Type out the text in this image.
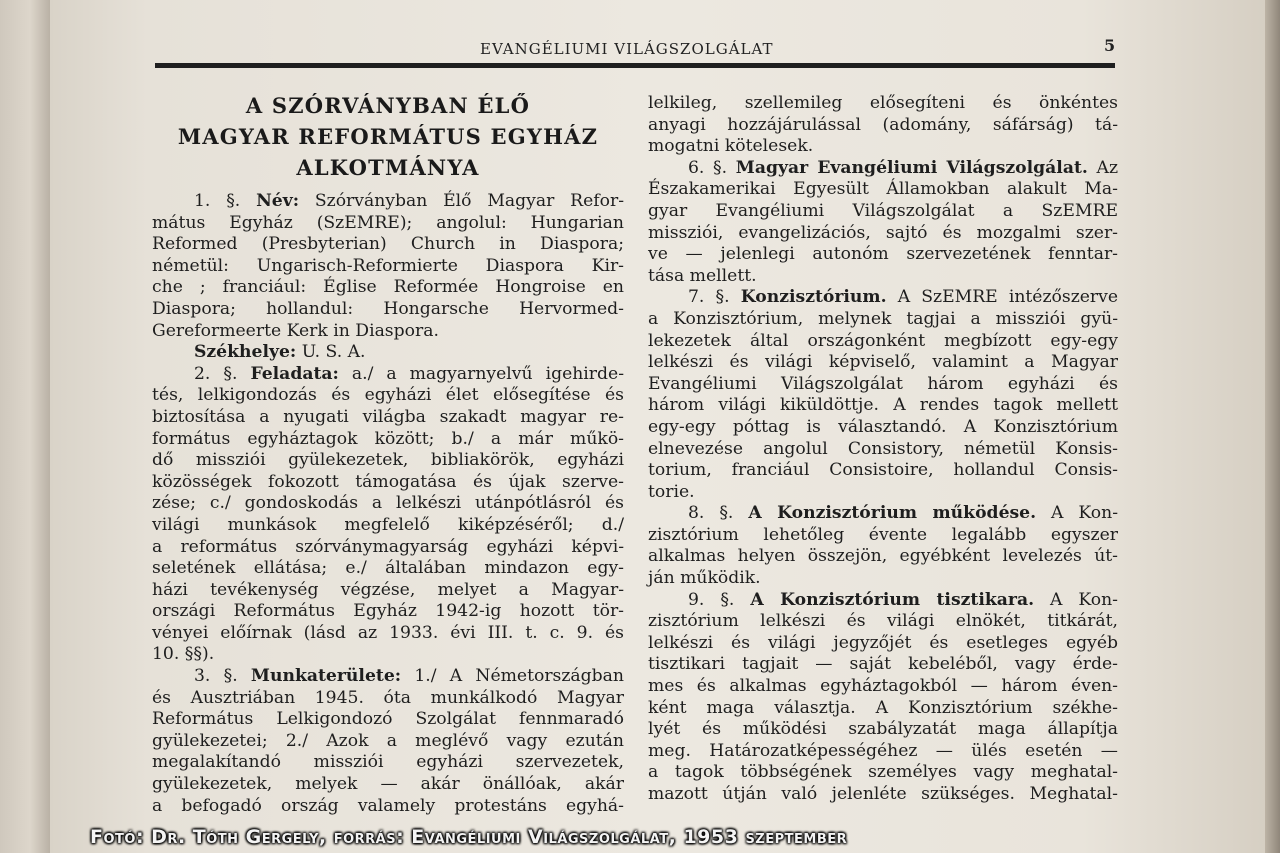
EVANGÉLIUMI VILÁGSZOLGÁLAT	5
A SZÓRVÁNYBAN ÉLŐ
MAGYAR REFORMÁTUS EGYHÁZ
ALKOTMÁNYA
1. §. Név: Szórványban Élő Magyar Refor-
mátus Egyház (SzEMRE); angolul: Hungarian
Reformed (Presbyterian) Church in Diaspora;
németül: Ungarisch-Reformierte Diaspora Kir-
che ; franciául: Église Reformée Hongroise en
Diaspora; hollandul: Hongarsche Hervormed-
Gereformeerte Kerk in Diaspora.
Székhelye: U. S. A.
2. §. Feladata: a./ a magyarnyelvű igehirde-
tés, lelkigondozás és egyházi élet elősegítése és
biztosítása a nyugati világba szakadt magyar re-
formátus egyháztagok között; b./ a már műkö-
dő missziói gyülekezetek, bibliakörök, egyházi
közösségek fokozott támogatása és újak szerve-
zése; c./ gondoskodás a lelkészi utánpótlásról és
világi munkások megfelelő kiképzéséről; d./
a református szórványmagyarság egyházi képvi-
seletének ellátása; e./ általában mindazon egy-
házi tevékenység végzése, melyet a Magyar-
országi Református Egyház 1942-ig hozott tör-
vényei előírnak (lásd az 1933. évi III. t. c. 9. és
10. §§).
3. §. Munkaterülete: 1./ A Németországban
és Ausztriában 1945. óta munkálkodó Magyar
Református Lelkigondozó Szolgálat fennmaradó
gyülekezetei; 2./ Azok a meglévő vagy ezután
megalakítandó missziói egyházi szervezetek,
gyülekezetek, melyek — akár önállóak, akár
a befogadó ország valamely protestáns egyhá-
lelkileg, szellemileg elősegíteni és önkéntes
anyagi hozzájárulással (adomány, sáfárság) tá-
mogatni kötelesek.
6. §. Magyar Evangéliumi Világszolgálat. Az
Északamerikai Egyesült Államokban alakult Ma-
gyar Evangéliumi Világszolgálat a SzEMRE
missziói, evangelizációs, sajtó és mozgalmi szer-
ve — jelenlegi autonóm szervezetének fenntar-
tása mellett.
7. §. Konzisztórium. A SzEMRE intézőszerve
a Konzisztórium, melynek tagjai a missziói gyü-
lekezetek által országonként megbízott egy-egy
lelkészi és világi képviselő, valamint a Magyar
Evangéliumi Világszolgálat három egyházi és
három világi kiküldöttje. A rendes tagok mellett
egy-egy póttag is választandó. A Konzisztórium
elnevezése angolul Consistory, németül Konsis-
torium, franciául Consistoire, hollandul Consis-
torie.
8. §. A Konzisztórium működése. A Kon-
zisztórium lehetőleg évente legalább egyszer
alkalmas helyen összejön, egyébként levelezés út-
ján működik.
9. §. A Konzisztórium tisztikara. A Kon-
zisztórium lelkészi és világi elnökét, titkárát,
lelkészi és világi jegyzőjét és esetleges egyéb
tisztikari tagjait — saját kebeléből, vagy érde-
mes és alkalmas egyháztagokból — három éven-
ként maga választja. A Konzisztórium székhe-
lyét és működési szabályzatát maga állapítja
meg. Határozatképességéhez — ülés esetén —
a tagok többségének személyes vagy meghatal-
mazott útján való jelenléte szükséges. Meghatal-
Fotó: Dr. Tóth Gergely, forrás: Evangéliumi Világszolgálat, 1953 szeptember
